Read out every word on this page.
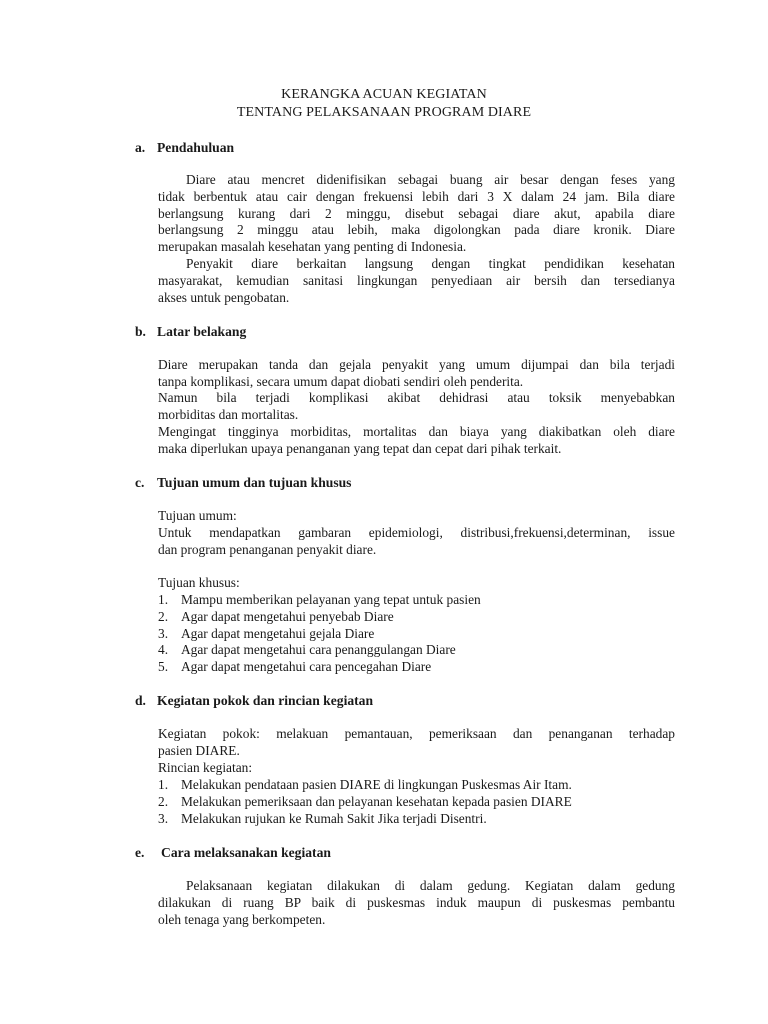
KERANGKA ACUAN KEGIATAN
TENTANG PELAKSANAAN PROGRAM DIARE
a. Pendahuluan
Diare atau mencret didenifisikan sebagai buang air besar dengan feses yang
tidak berbentuk atau cair dengan frekuensi lebih dari 3 X dalam 24 jam. Bila diare
berlangsung kurang dari 2 minggu, disebut sebagai diare akut, apabila diare
berlangsung 2 minggu atau lebih, maka digolongkan pada diare kronik. Diare
merupakan masalah kesehatan yang penting di Indonesia.
Penyakit diare berkaitan langsung dengan tingkat pendidikan kesehatan
masyarakat, kemudian sanitasi lingkungan penyediaan air bersih dan tersedianya
akses untuk pengobatan.
b. Latar belakang
Diare merupakan tanda dan gejala penyakit yang umum dijumpai dan bila terjadi
tanpa komplikasi, secara umum dapat diobati sendiri oleh penderita.
Namun bila terjadi komplikasi akibat dehidrasi atau toksik menyebabkan
morbiditas dan mortalitas.
Mengingat tingginya morbiditas, mortalitas dan biaya yang diakibatkan oleh diare
maka diperlukan upaya penanganan yang tepat dan cepat dari pihak terkait.
c. Tujuan umum dan tujuan khusus
Tujuan umum:
Untuk mendapatkan gambaran epidemiologi, distribusi,frekuensi,determinan, issue
dan program penanganan penyakit diare.
Tujuan khusus:
1. Mampu memberikan pelayanan yang tepat untuk pasien
2. Agar dapat mengetahui penyebab Diare
3. Agar dapat mengetahui gejala Diare
4. Agar dapat mengetahui cara penanggulangan Diare
5. Agar dapat mengetahui cara pencegahan Diare
d. Kegiatan pokok dan rincian kegiatan
Kegiatan pokok: melakuan pemantauan, pemeriksaan dan penanganan terhadap
pasien DIARE.
Rincian kegiatan:
1. Melakukan pendataan pasien DIARE di lingkungan Puskesmas Air Itam.
2. Melakukan pemeriksaan dan pelayanan kesehatan kepada pasien DIARE
3. Melakukan rujukan ke Rumah Sakit Jika terjadi Disentri.
e. Cara melaksanakan kegiatan
Pelaksanaan kegiatan dilakukan di dalam gedung. Kegiatan dalam gedung
dilakukan di ruang BP baik di puskesmas induk maupun di puskesmas pembantu
oleh tenaga yang berkompeten.
